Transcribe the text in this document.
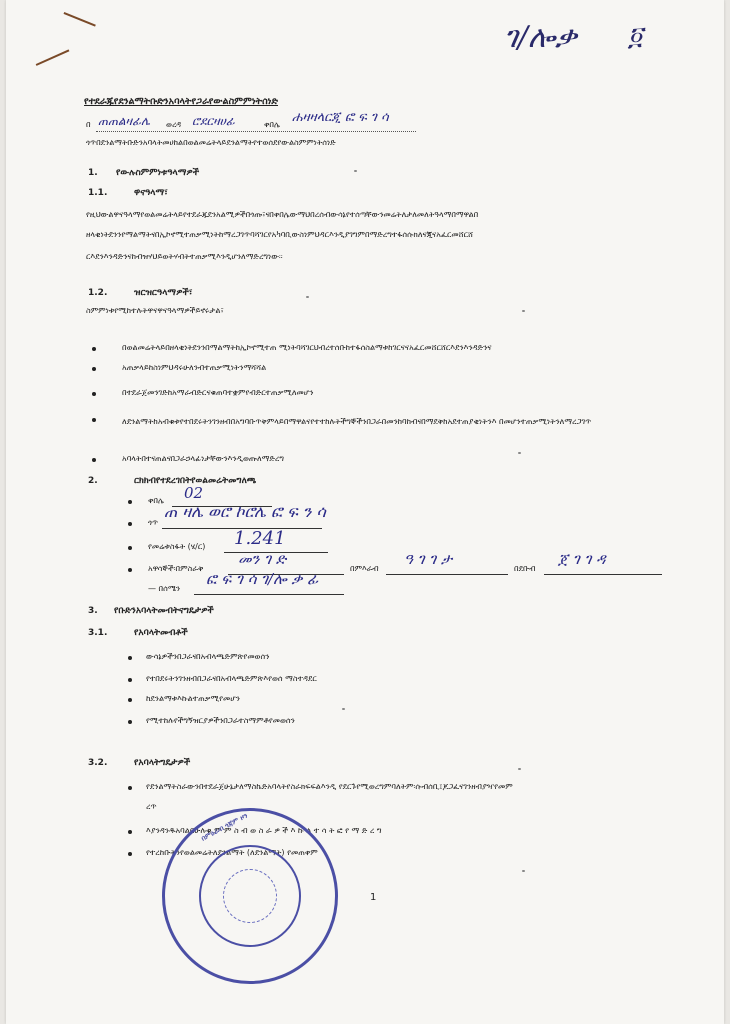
ገ/ሎቃ ፬
የተደራጁየደንልማትቡድንአባላትየጋራየውልስምምነትሰነድ
በ ጠጠልዛፊሌ ወረዳ ሮደርዛሀፊ	ቀበሌ ሐዛዛላርጂ ፎ ፍ ገ ሳ
ጎጥበደንልማትቡድንአባላትመሀከልበወልመሬትላይደንልማትየተወሰደየውልስምምነትሰነድ
1. የውሉስምምነቱዓላማዎች
1.1.	ዋናዓላማ፣
የዚህውልዋናዓላማየወልመሬትላይየተደራጁደንአልሚዎችበጎጡ፣ናበቀበሌውማህበረሰብውሳኔየተሰጣቸውንመሬትለታለመለትዓላማበማዋልበ
ዘላቂነትደንንየማልማትናበኢኮኖሚተጠቃሚነትከማረጋገጥባሻገርየአካባቢውስነምህዳርእንዲያገግምበማድረግተፋሰሱክለናጂናአፈርመሸርሸ
ርእደንእንዳድንናከብዝሃህይወትሃብትተጠቃሚእንዲሆንለማድረግነው።
1.2.	ዝርዝርዓላማዎች፣
ስምምነቱየሚከተሉትዋናዋናዓላማዎችይኖሩታል፣
በወልመሬትላይበዘላቂነትደንንበማልማትከኢኮኖሚተጠ ሚነትባሻገርህብረተሰቡከተፋሰስልማቱከገርናናአፈርመሸርሸርእደንእንዳድንና
አጠቃላይከስነምህዳሩሁለንብተጠቃሚነትንማሻሻል
በተደራጀመንገድከአማራብድርናቁጠባተቋምየብድርተጠቃሚለመሆን
ለደንልማትከአብቁቱየተበደሩትንገንዘብበአግባቡጥቅምላይበማዋልናየተተከሉትችግኞችንበጋራበመንከባከብናበማደቅከአደተጠያቂነትንእ በመሆንተጠቃሚነትንለማረጋገጥ
አባላትበተናጠልናበጋራኃላፊነታቸውንእንዲወጡለማድረግ
2.	ርክክብየተደረገበትየወልመሬትመግለጫ
ቀበሌ 02
ጎጥ
ጠ ዛሌ ወሮ ኮሮሌ ፎ ፍ ን ሳ
የመሬቱስፋት (ሄ/ር) 1.241
አዋሳኞች፡በምስራቅ
መን ገ ድ
በምእራብ
ዓ ገ ገ ታ
በደቡብ
ጀ ገ ገ ዳ
— በሰሜን
ፎ ፍ ገ ሳ ገ/ሎ ቃ ፊ
3. የቡድንአባላትመብትናግዴታዎች
3.1.	የአባላትመብቶች
ውሳኔዎችንበጋራናበአብላጫድምጽየመወሰን
የተበደሩትንገንዘብበጋራናበአብላጫድምጽእየወሰ ማስተዳደር
ከደንልማቱእኩልተጠቃሚየመሆን
የሚተከሉየችግኝዝርያዎችንበጋራተስማምቶየመወሰን
3.2.	የአባላትግዴታዎች
የደንልማትስራውንበተደራጀሁኔታለማስኬድአባላትየስራክፍፍልእንዲ የደርጉየሚወረግምባለትም፡ሱብሰቢ፤ጆጋፈናገንዘብያዣየመም
ረጥ
እያንዳንዱአባልበሁሉቁ ም ም ስ ብ ወ ስ ራ ዎ ች እ ኩ ል ተ ሳ ት ፎ የ ማ ድ ረ ግ
የተረከቡትንየወልመሬትለደንልማት (ለደንልማት) የመጠቀም
1
በምዕራብ ጎጃም ዞን
